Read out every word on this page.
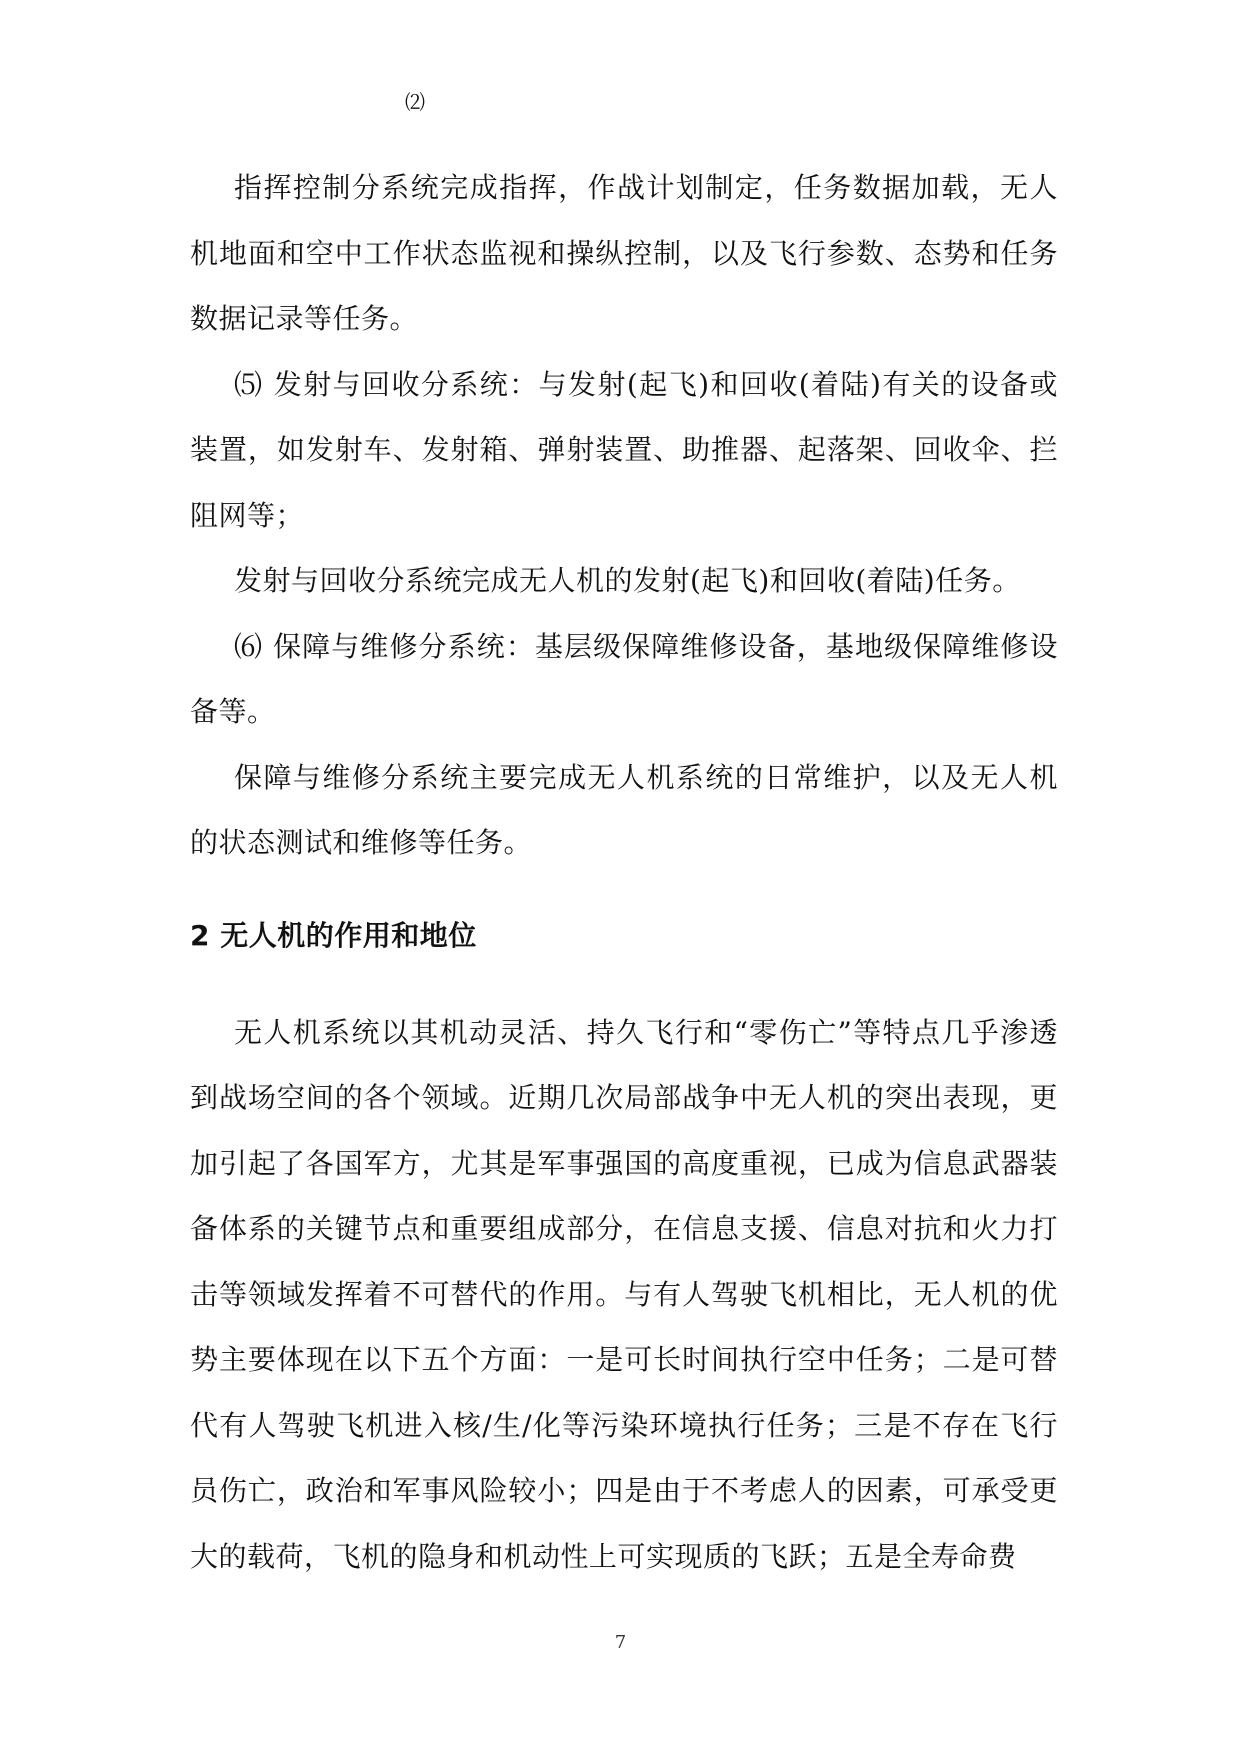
⑵

指挥控制分系统完成指挥，作战计划制定，任务数据加载，无人机地面和空中工作状态监视和操纵控制，以及飞行参数、态势和任务数据记录等任务。

⑸ 发射与回收分系统：与发射(起飞)和回收(着陆)有关的设备或装置，如发射车、发射箱、弹射装置、助推器、起落架、回收伞、拦阻网等；

发射与回收分系统完成无人机的发射(起飞)和回收(着陆)任务。

⑹ 保障与维修分系统：基层级保障维修设备，基地级保障维修设备等。

保障与维修分系统主要完成无人机系统的日常维护，以及无人机的状态测试和维修等任务。

2 无人机的作用和地位

无人机系统以其机动灵活、持久飞行和“零伤亡”等特点几乎渗透到战场空间的各个领域。近期几次局部战争中无人机的突出表现，更加引起了各国军方，尤其是军事强国的高度重视，已成为信息武器装备体系的关键节点和重要组成部分，在信息支援、信息对抗和火力打击等领域发挥着不可替代的作用。与有人驾驶飞机相比，无人机的优势主要体现在以下五个方面：一是可长时间执行空中任务；二是可替代有人驾驶飞机进入核/生/化等污染环境执行任务；三是不存在飞行员伤亡，政治和军事风险较小；四是由于不考虑人的因素，可承受更大的载荷，飞机的隐身和机动性上可实现质的飞跃；五是全寿命费

7
